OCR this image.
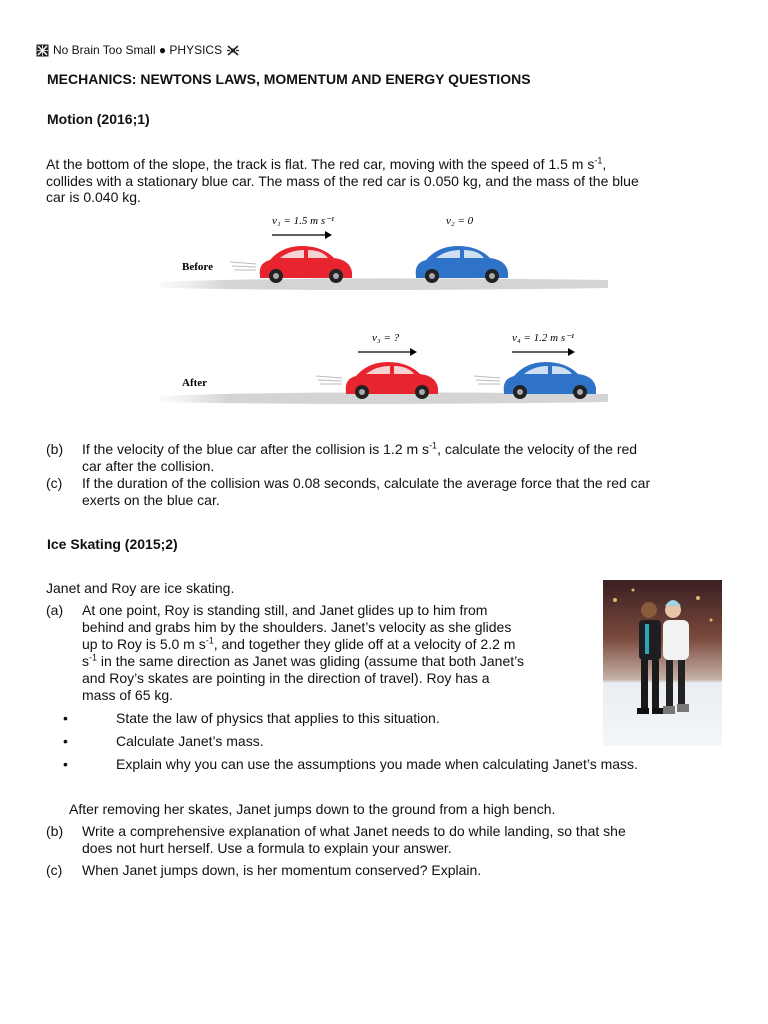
No Brain Too Small ● PHYSICS
MECHANICS: NEWTONS LAWS, MOMENTUM AND ENERGY QUESTIONS
Motion (2016;1)
At the bottom of the slope, the track is flat. The red car, moving with the speed of 1.5 m $s^{-1}$,
collides with a stationary blue car. The mass of the red car is 0.050 kg, and the mass of the blue
car is 0.040 kg.
Before
v₁ = 1.5 m s⁻¹	v₂ = 0
After
v₃ = ?	v₄ = 1.2 m s⁻¹
(b) If the velocity of the blue car after the collision is 1.2 m $s^{-1}$, calculate the velocity of the red
car after the collision.
(c) If the duration of the collision was 0.08 seconds, calculate the average force that the red car
exerts on the blue car.
Ice Skating (2015;2)
Janet and Roy are ice skating.
(a) At one point, Roy is standing still, and Janet glides up to him from
behind and grabs him by the shoulders. Janet’s velocity as she glides
up to Roy is 5.0 m $s^{-1}$, and together they glide off at a velocity of 2.2 m
$s^{-1}$ in the same direction as Janet was gliding (assume that both Janet’s
and Roy’s skates are pointing in the direction of travel). Roy has a
mass of 65 kg.
•	State the law of physics that applies to this situation.
•	Calculate Janet’s mass.
•	Explain why you can use the assumptions you made when calculating Janet’s mass.
After removing her skates, Janet jumps down to the ground from a high bench.
(b) Write a comprehensive explanation of what Janet needs to do while landing, so that she
does not hurt herself. Use a formula to explain your answer.
(c) When Janet jumps down, is her momentum conserved? Explain.
